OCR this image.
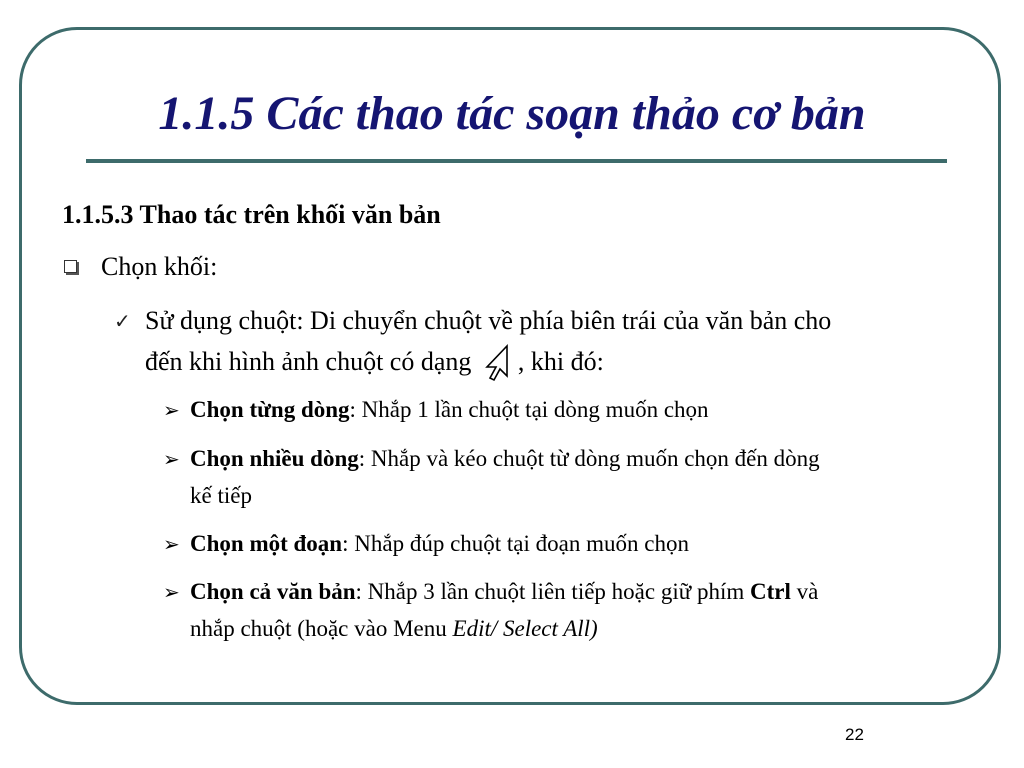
1.1.5 Các thao tác soạn thảo cơ bản
1.1.5.3 Thao tác trên khối văn bản
Chọn khối:
✓ Sử dụng chuột: Di chuyển chuột về phía biên trái của văn bản cho
đến khi hình ảnh chuột có dạng , khi đó:
➢ Chọn từng dòng: Nhắp 1 lần chuột tại dòng muốn chọn
➢ Chọn nhiều dòng: Nhắp và kéo chuột từ dòng muốn chọn đến dòng
kế tiếp
➢ Chọn một đoạn: Nhắp đúp chuột tại đoạn muốn chọn
➢ Chọn cả văn bản: Nhắp 3 lần chuột liên tiếp hoặc giữ phím Ctrl và
nhắp chuột (hoặc vào Menu Edit/ Select All)
22
